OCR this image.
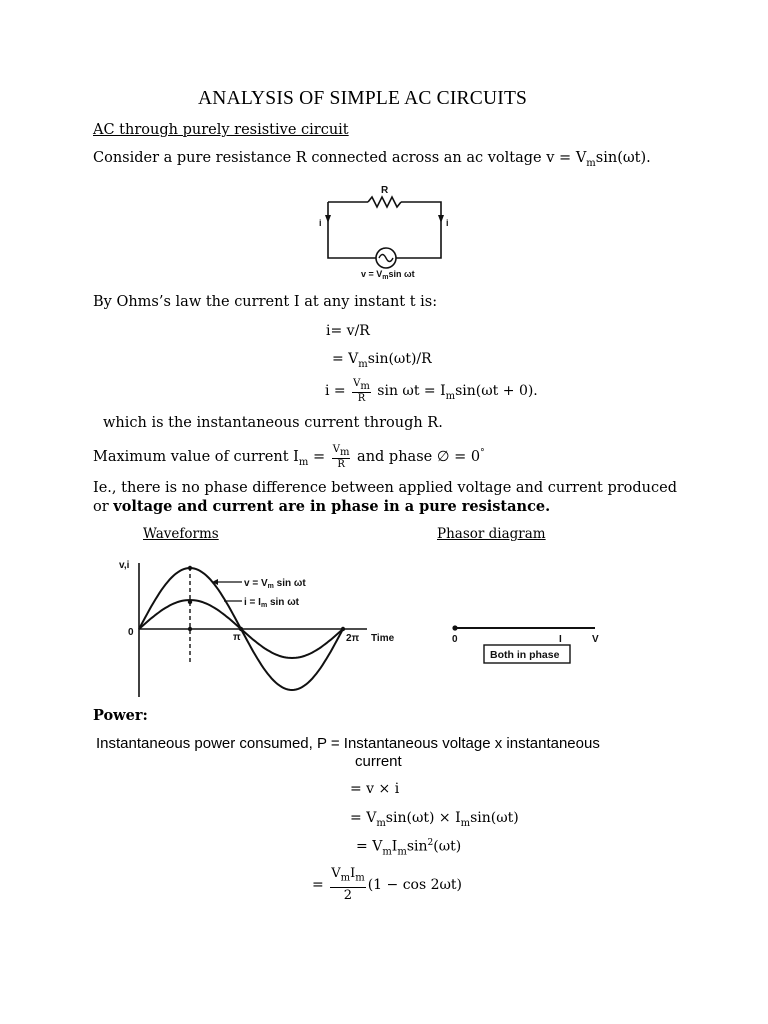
ANALYSIS OF SIMPLE AC CIRCUITS
AC through purely resistive circuit
Consider a pure resistance R connected across an ac voltage $v = V_m\sin(\omega t)$.
R
i	i
$v = V_m\sin$ ωt
By Ohms’s law the current I at any instant t is:
i= v/R
= $V_m\sin(\omega t)/R$
$i = \frac{V_m}{R}$ $\sin \omega t = I_m\sin(\omega t + 0)$.
which is the instantaneous current through R.
Maximum value of current $I_m = \frac{V_m}{R}$ and phase ∅ = 0°
Ie., there is no phase difference between applied voltage and current produced
or voltage and current are in phase in a pure resistance.
Waveforms	Phasor diagram
v,i
0	π	2π Time
$v = V_m$ sin ωt
$i = I_m$ sin ωt
0	I	V
Both in phase
Power:
Instantaneous power consumed, P = Instantaneous voltage x instantaneous
current
= v × i
= $V_m\sin(\omega t) \times I_m\sin(\omega t)$
= $V_mI_m\sin^2(\omega t)$
= $\frac{V_mI_m}{2} (1 - \cos 2\omega t)$
